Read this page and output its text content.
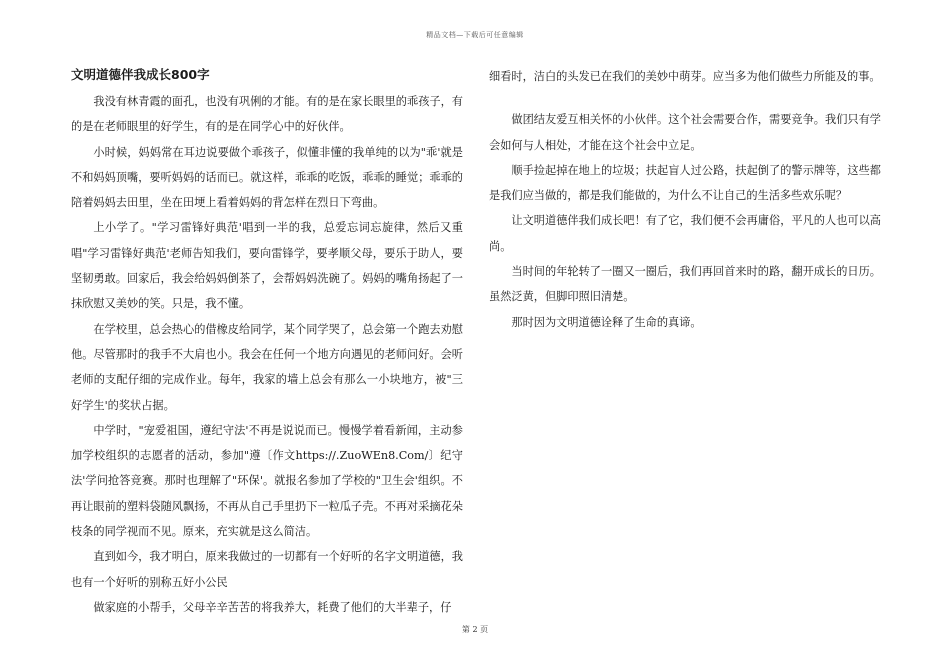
精品文档—下载后可任意编辑
文明道德伴我成长800字

我没有林青霞的面孔，也没有巩俐的才能。有的是在家长眼里的乖孩子，有的是在老师眼里的好学生，有的是在同学心中的好伙伴。

小时候，妈妈常在耳边说要做个乖孩子，似懂非懂的我单纯的以为"乖'就是不和妈妈顶嘴，要听妈妈的话而已。就这样，乖乖的吃饭，乖乖的睡觉；乖乖的陪着妈妈去田里，坐在田埂上看着妈妈的背怎样在烈日下弯曲。

上小学了。"学习雷锋好典范'唱到一半的我，总爱忘词忘旋律，然后又重唱"学习雷锋好典范'老师告知我们，要向雷锋学，要孝顺父母，要乐于助人，要坚韧勇敢。回家后，我会给妈妈倒茶了，会帮妈妈洗碗了。妈妈的嘴角扬起了一抹欣慰又美妙的笑。只是，我不懂。

在学校里，总会热心的借橡皮给同学，某个同学哭了，总会第一个跑去劝慰他。尽管那时的我手不大肩也小。我会在任何一个地方向遇见的老师问好。会听老师的支配仔细的完成作业。每年，我家的墙上总会有那么一小块地方，被"三好学生'的奖状占据。

中学时，"宠爱祖国，遵纪守法'不再是说说而已。慢慢学着看新闻，主动参加学校组织的志愿者的活动，参加"遵〔作文https://.ZuoWEn8.Com/〕纪守法'学问抢答竞赛。那时也理解了"环保'。就报名参加了学校的"卫生会'组织。不再让眼前的塑料袋随风飘扬，不再从自己手里扔下一粒瓜子壳。不再对采摘花朵枝条的同学视而不见。原来，充实就是这么简洁。

直到如今，我才明白，原来我做过的一切都有一个好听的名字文明道德，我也有一个好听的别称五好小公民

做家庭的小帮手，父母辛辛苦苦的将我养大，耗费了他们的大半辈子，仔

细看时，洁白的头发已在我们的美妙中萌芽。应当多为他们做些力所能及的事。

做团结友爱互相关怀的小伙伴。这个社会需要合作，需要竞争。我们只有学会如何与人相处，才能在这个社会中立足。

顺手捡起掉在地上的垃圾；扶起盲人过公路，扶起倒了的警示牌等，这些都是我们应当做的，都是我们能做的，为什么不让自己的生活多些欢乐呢？

让文明道德伴我们成长吧！有了它，我们便不会再庸俗，平凡的人也可以高尚。

当时间的年轮转了一圈又一圈后，我们再回首来时的路，翻开成长的日历。虽然泛黄，但脚印照旧清楚。

那时因为文明道德诠释了生命的真谛。

第 2 页
